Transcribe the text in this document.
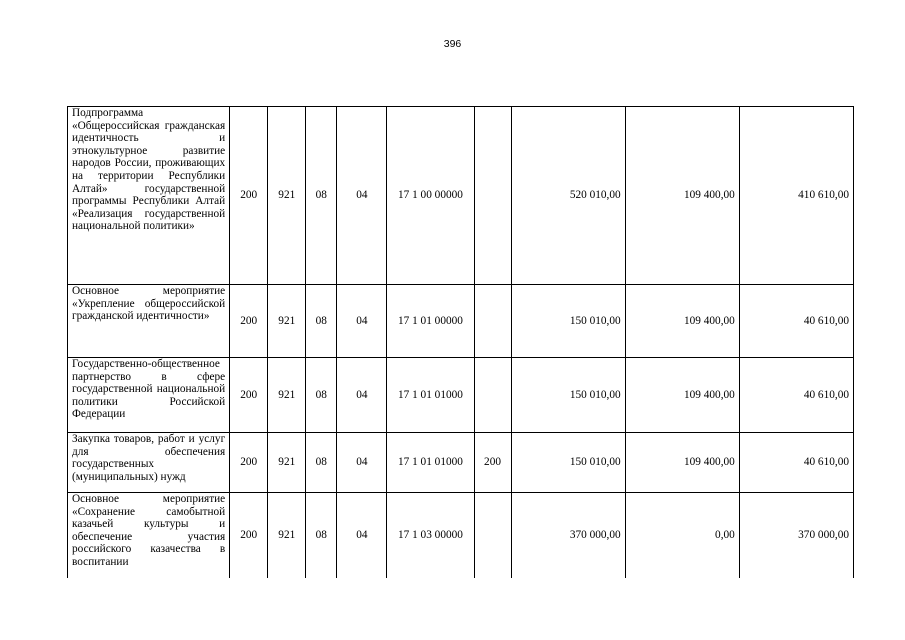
396
Подпрограмма «Общероссийская гражданская идентичность и этнокультурное развитие народов России, проживающих на территории Республики Алтай» государственной программы Республики Алтай «Реализация государственной национальной политики»	200	921	08	04	17 1 00 00000		520 010,00	109 400,00	410 610,00
Основное мероприятие «Укрепление общероссийской гражданской идентичности»	200	921	08	04	17 1 01 00000		150 010,00	109 400,00	40 610,00
Государственно-общественное партнерство в сфере государственной национальной политики Российской Федерации	200	921	08	04	17 1 01 01000		150 010,00	109 400,00	40 610,00
Закупка товаров, работ и услуг для обеспечения государственных (муниципальных) нужд	200	921	08	04	17 1 01 01000	200	150 010,00	109 400,00	40 610,00
Основное мероприятие «Сохранение самобытной казачьей культуры и обеспечение участия российского казачества в воспитании	200	921	08	04	17 1 03 00000		370 000,00	0,00	370 000,00
